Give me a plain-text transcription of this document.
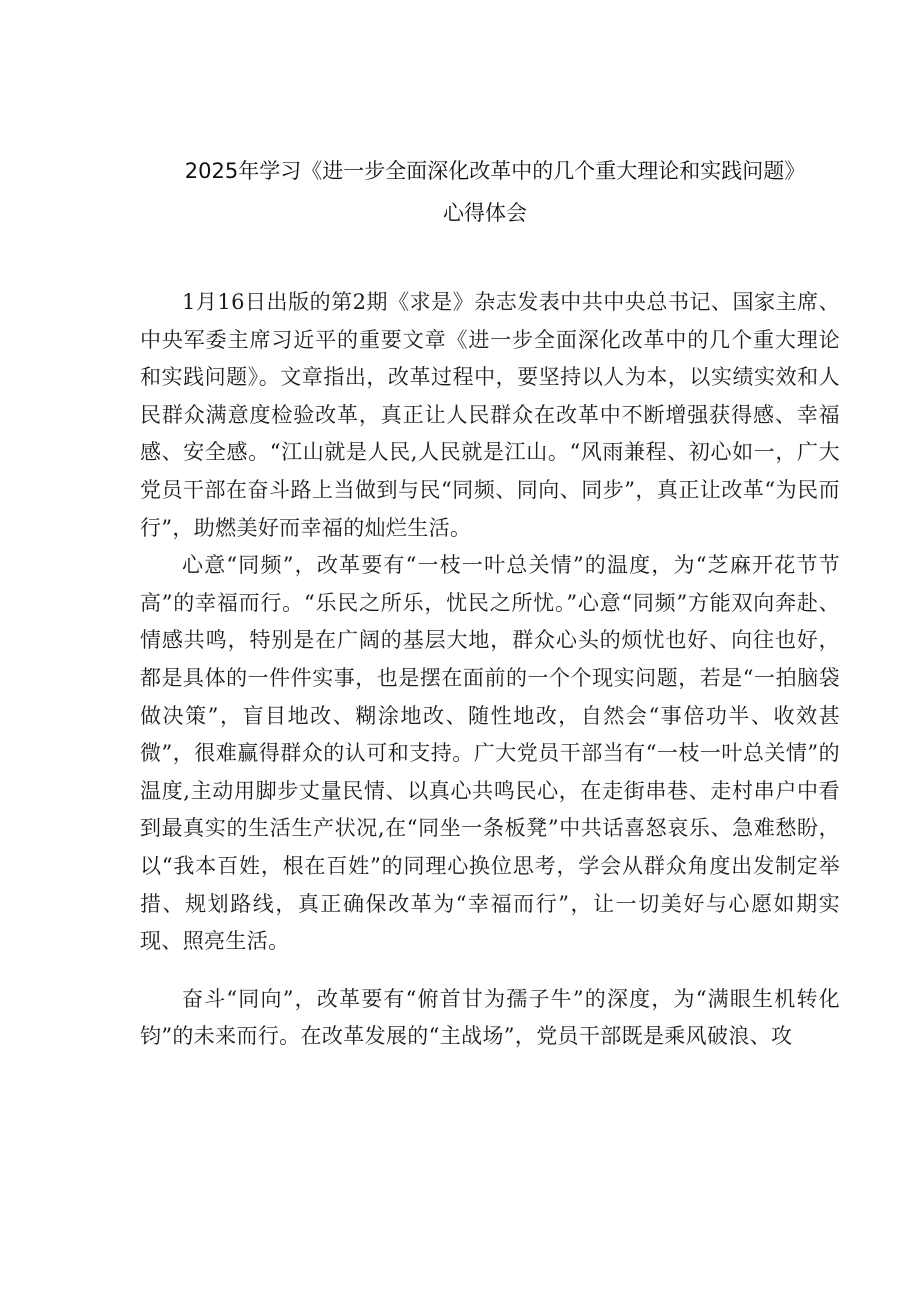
2025年学习《进一步全面深化改革中的几个重大理论和实践问题》
心得体会

1月16日出版的第2期《求是》杂志发表中共中央总书记、国家主席、中央军委主席习近平的重要文章《进一步全面深化改革中的几个重大理论和实践问题》。文章指出，改革过程中，要坚持以人为本，以实绩实效和人民群众满意度检验改革，真正让人民群众在改革中不断增强获得感、幸福感、安全感。“江山就是人民,人民就是江山。“风雨兼程、初心如一，广大党员干部在奋斗路上当做到与民“同频、同向、同步”，真正让改革“为民而行”，助燃美好而幸福的灿烂生活。

心意“同频”，改革要有“一枝一叶总关情”的温度，为“芝麻开花节节高”的幸福而行。“乐民之所乐，忧民之所忧。”心意“同频”方能双向奔赴、情感共鸣，特别是在广阔的基层大地，群众心头的烦忧也好、向往也好，都是具体的一件件实事，也是摆在面前的一个个现实问题，若是“一拍脑袋做决策”，盲目地改、糊涂地改、随性地改，自然会“事倍功半、收效甚微”，很难赢得群众的认可和支持。广大党员干部当有“一枝一叶总关情”的温度,主动用脚步丈量民情、以真心共鸣民心，在走街串巷、走村串户中看到最真实的生活生产状况,在“同坐一条板凳”中共话喜怒哀乐、急难愁盼，以“我本百姓，根在百姓”的同理心换位思考，学会从群众角度出发制定举措、规划路线，真正确保改革为“幸福而行”，让一切美好与心愿如期实现、照亮生活。

奋斗“同向”，改革要有“俯首甘为孺子牛”的深度，为“满眼生机转化钧”的未来而行。在改革发展的“主战场”，党员干部既是乘风破浪、攻
